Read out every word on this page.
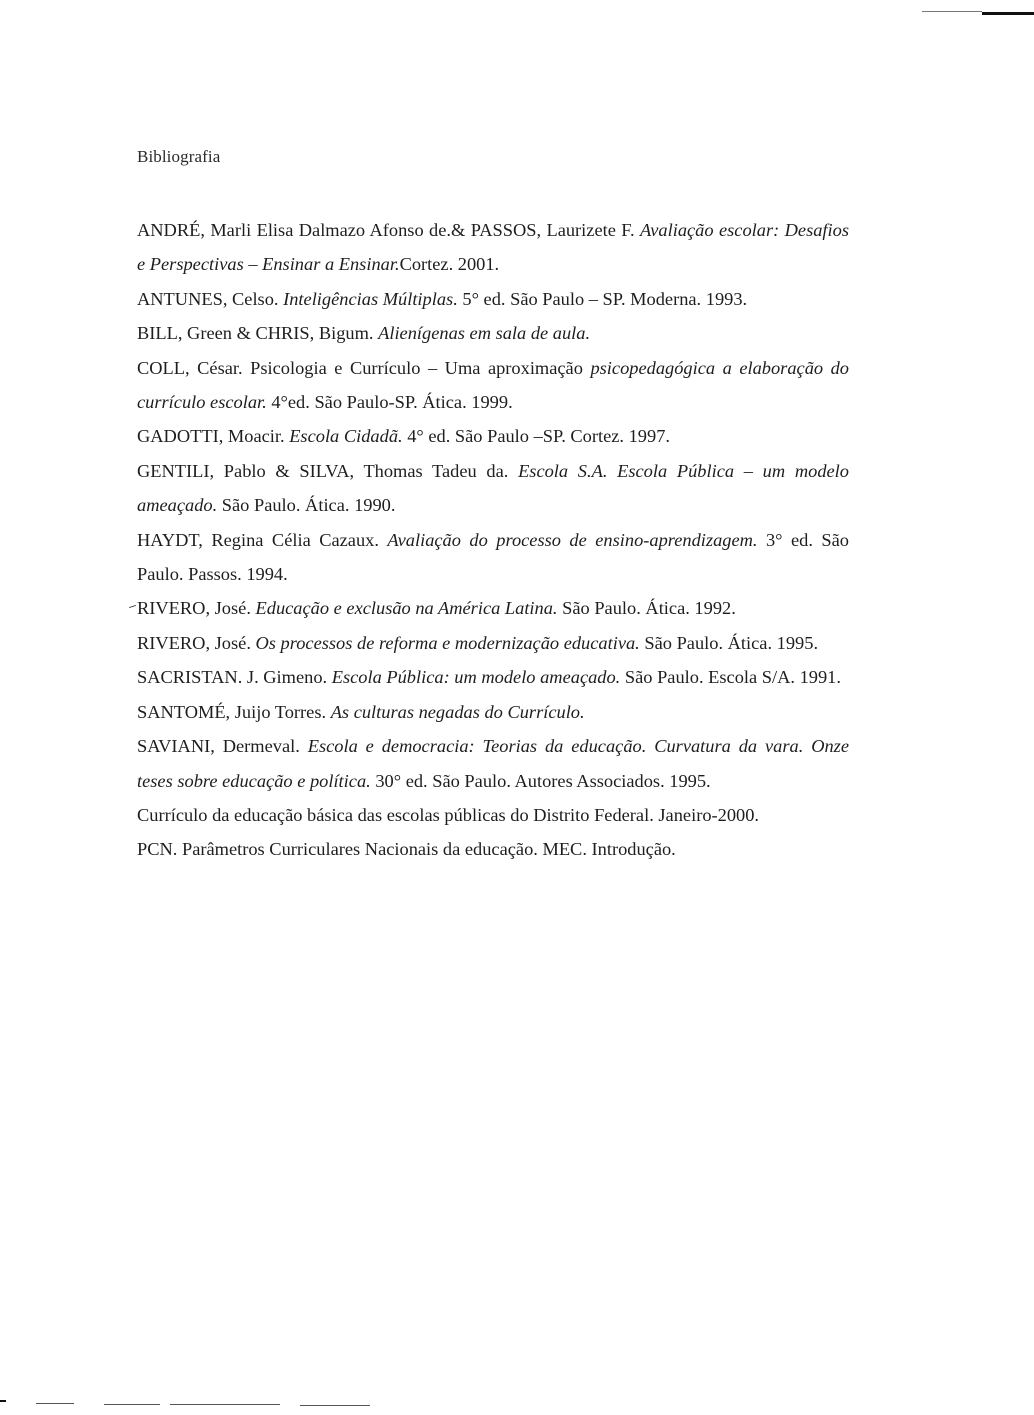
Bibliografia

ANDRÉ, Marli Elisa Dalmazo Afonso de.& PASSOS, Laurizete F. Avaliação escolar: Desafios e Perspectivas – Ensinar a Ensinar.Cortez. 2001.

ANTUNES, Celso. Inteligências Múltiplas. 5° ed. São Paulo – SP. Moderna. 1993.

BILL, Green & CHRIS, Bigum. Alienígenas em sala de aula.

COLL, César. Psicologia e Currículo – Uma aproximação psicopedagógica a elaboração do currículo escolar. 4°ed. São Paulo-SP. Ática. 1999.

GADOTTI, Moacir. Escola Cidadã. 4° ed. São Paulo –SP. Cortez. 1997.

GENTILI, Pablo & SILVA, Thomas Tadeu da. Escola S.A. Escola Pública – um modelo ameaçado. São Paulo. Ática. 1990.

HAYDT, Regina Célia Cazaux. Avaliação do processo de ensino-aprendizagem. 3° ed. São Paulo. Passos. 1994.

RIVERO, José. Educação e exclusão na América Latina. São Paulo. Ática. 1992.

RIVERO, José. Os processos de reforma e modernização educativa. São Paulo. Ática. 1995.

SACRISTAN. J. Gimeno. Escola Pública: um modelo ameaçado. São Paulo. Escola S/A. 1991.

SANTOMÉ, Juijo Torres. As culturas negadas do Currículo.

SAVIANI, Dermeval. Escola e democracia: Teorias da educação. Curvatura da vara. Onze teses sobre educação e política. 30° ed. São Paulo. Autores Associados. 1995.

Currículo da educação básica das escolas públicas do Distrito Federal. Janeiro-2000.

PCN. Parâmetros Curriculares Nacionais da educação. MEC. Introdução.
